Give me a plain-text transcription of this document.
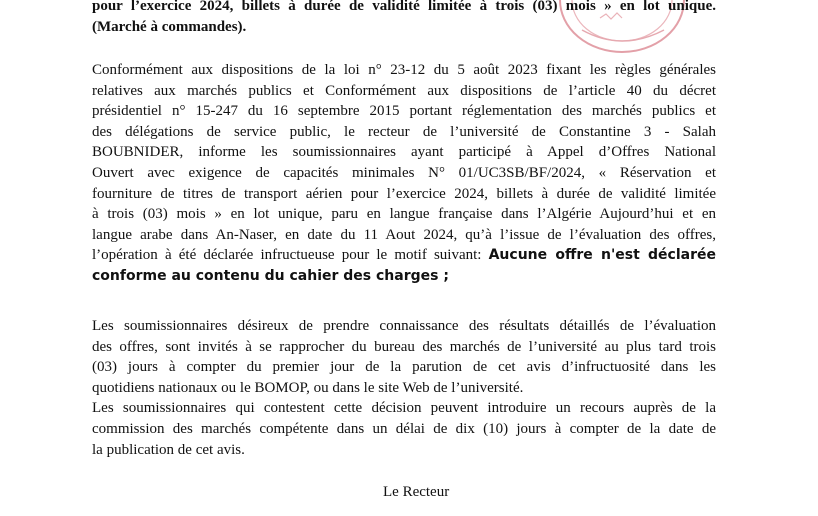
pour l’exercice 2024, billets à durée de validité limitée à trois (03) mois » en lot unique.
(Marché à commandes).
Conformément aux dispositions de la loi n° 23-12 du 5 août 2023 fixant les règles générales
relatives aux marchés publics et Conformément aux dispositions de l’article 40 du décret
présidentiel n° 15-247 du 16 septembre 2015 portant réglementation des marchés publics et
des délégations de service public, le recteur de l’université de Constantine 3 - Salah
BOUBNIDER, informe les soumissionnaires ayant participé à Appel d’Offres National
Ouvert avec exigence de capacités minimales N° 01/UC3SB/BF/2024, « Réservation et
fourniture de titres de transport aérien pour l’exercice 2024, billets à durée de validité limitée
à trois (03) mois » en lot unique, paru en langue française dans l’Algérie Aujourd’hui et en
langue arabe dans An-Naser, en date du 11 Aout 2024, qu’à l’issue de l’évaluation des offres,
l’opération à été déclarée infructueuse pour le motif suivant: Aucune offre n'est déclarée
conforme au contenu du cahier des charges ;
Les soumissionnaires désireux de prendre connaissance des résultats détaillés de l’évaluation
des offres, sont invités à se rapprocher du bureau des marchés de l’université au plus tard trois
(03) jours à compter du premier jour de la parution de cet avis d’infructuosité dans les
quotidiens nationaux ou le BOMOP, ou dans le site Web de l’université.
Les soumissionnaires qui contestent cette décision peuvent introduire un recours auprès de la
commission des marchés compétente dans un délai de dix (10) jours à compter de la date de
la publication de cet avis.
Le Recteur
